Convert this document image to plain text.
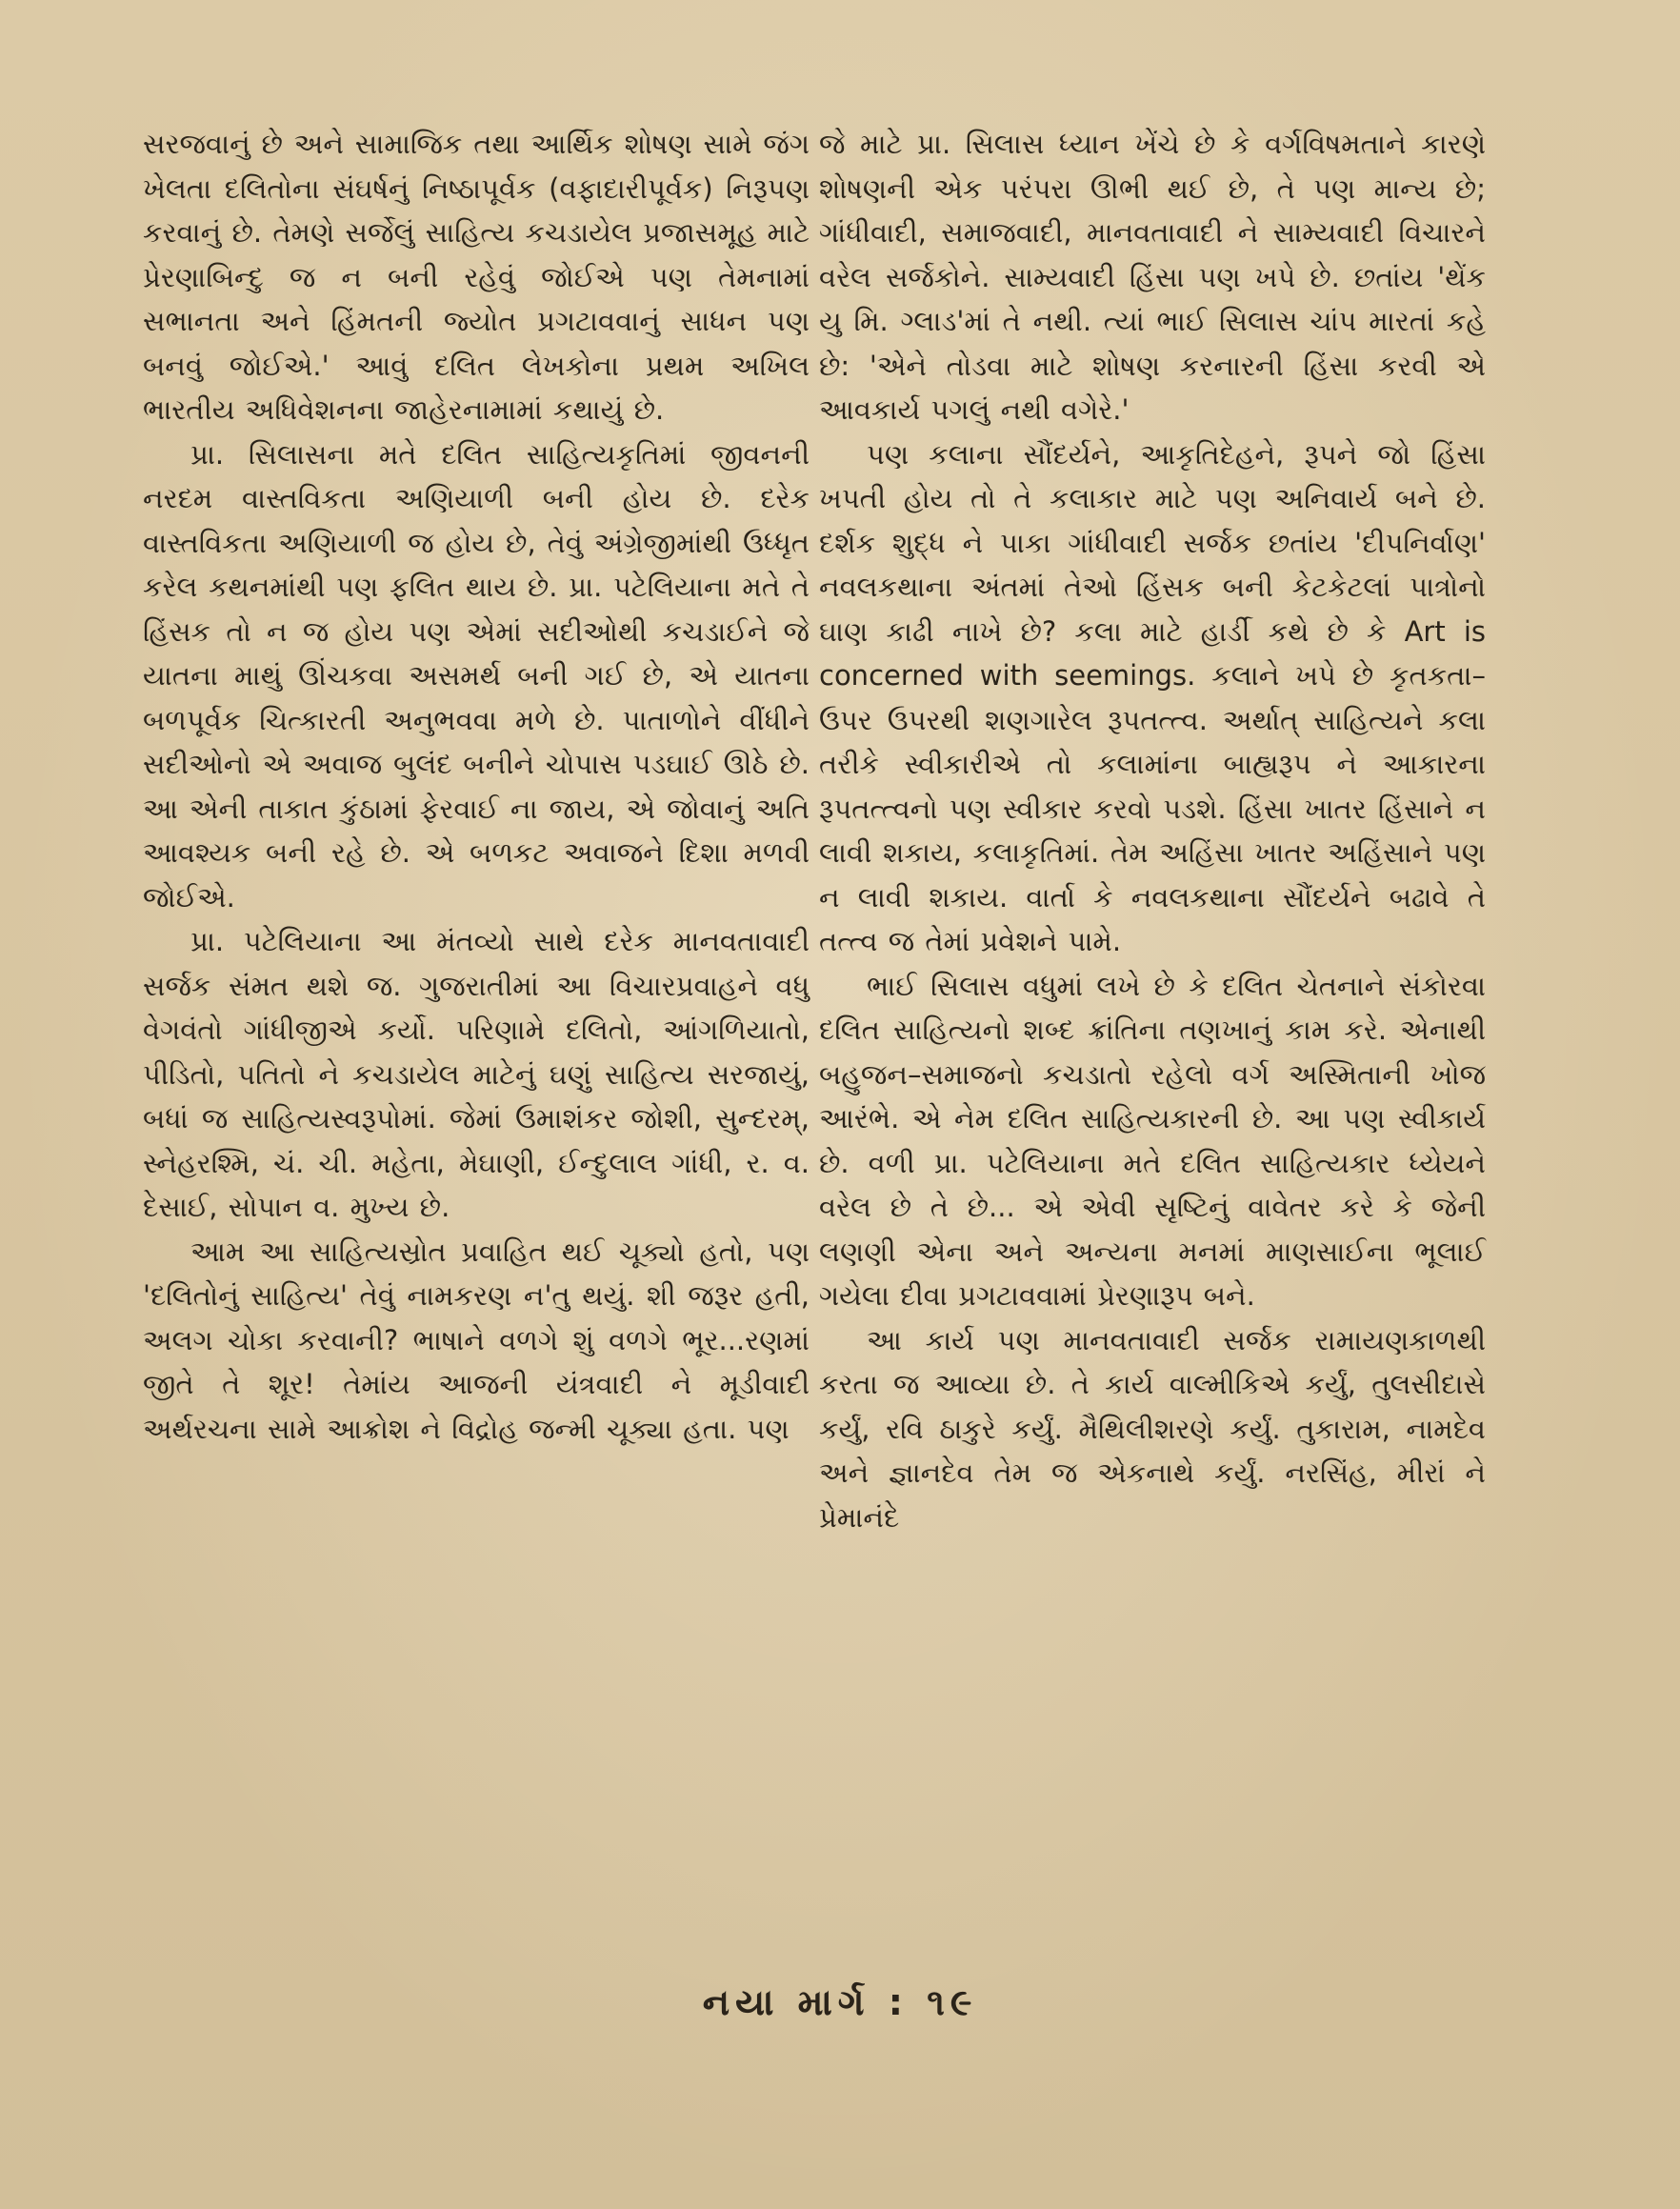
સરજવાનું છે અને સામાજિક તથા આર્થિક શોષણ સામે જંગ ખેલતા દલિતોના સંઘર્ષનું નિષ્ઠાપૂર્વક (વફાદારીપૂર્વક) નિરૂપણ કરવાનું છે. તેમણે સર્જેલું સાહિત્ય કચડાયેલ પ્રજાસમૂહ માટે પ્રેરણાબિન્દુ જ ન બની રહેવું જોઈએ પણ તેમનામાં સભાનતા અને હિંમતની જ્યોત પ્રગટાવવાનું સાધન પણ બનવું જોઈએ.' આવું દલિત લેખકોના પ્રથમ અખિલ ભારતીય અધિવેશનના જાહેરનામામાં કથાયું છે.

પ્રા. સિલાસના મતે દલિત સાહિત્યકૃતિમાં જીવનની નરદમ વાસ્તવિકતા અણિયાળી બની હોય છે. દરેક વાસ્તવિકતા અણિયાળી જ હોય છે, તેવું અંગ્રેજીમાંથી ઉધ્ધૃત કરેલ કથનમાંથી પણ ફલિત થાય છે. પ્રા. પટેલિયાના મતે તે હિંસક તો ન જ હોય પણ એમાં સદીઓથી કચડાઈને જે યાતના માથું ઊંચકવા અસમર્થ બની ગઈ છે, એ યાતના બળપૂર્વક ચિત્કારતી અનુભવવા મળે છે. પાતાળોને વીંધીને સદીઓનો એ અવાજ બુલંદ બનીને ચોપાસ પડઘાઈ ઊઠે છે. આ એની તાકાત કુંઠામાં ફેરવાઈ ના જાય, એ જોવાનું અતિ આવશ્યક બની રહે છે. એ બળકટ અવાજને દિશા મળવી જોઈએ.

પ્રા. પટેલિયાના આ મંતવ્યો સાથે દરેક માનવતાવાદી સર્જક સંમત થશે જ. ગુજરાતીમાં આ વિચારપ્રવાહને વધુ વેગવંતો ગાંધીજીએ કર્યો. પરિણામે દલિતો, આંગળિયાતો, પીડિતો, પતિતો ને કચડાયેલ માટેનું ઘણું સાહિત્ય સરજાયું, બધાં જ સાહિત્યસ્વરૂપોમાં. જેમાં ઉમાશંકર જોશી, સુન્દરમ્, સ્નેહરશ્મિ, ચં. ચી. મહેતા, મેઘાણી, ઈન્દુલાલ ગાંધી, ર. વ. દેસાઈ, સોપાન વ. મુખ્ય છે.

આમ આ સાહિત્યસ્રોત પ્રવાહિત થઈ ચૂક્યો હતો, પણ 'દલિતોનું સાહિત્ય' તેવું નામકરણ ન'તુ થયું. શી જરૂર હતી, અલગ ચોકા કરવાની? ભાષાને વળગે શું વળગે ભૂર...રણમાં જીતે તે શૂર! તેમાંય આજની યંત્રવાદી ને મૂડીવાદી અર્થરચના સામે આક્રોશ ને વિદ્રોહ જન્મી ચૂક્યા હતા. પણ

જે માટે પ્રા. સિલાસ ધ્યાન ખેંચે છે કે વર્ગવિષમતાને કારણે શોષણની એક પરંપરા ઊભી થઈ છે, તે પણ માન્ય છે; ગાંધીવાદી, સમાજવાદી, માનવતાવાદી ને સામ્યવાદી વિચારને વરેલ સર્જકોને. સામ્યવાદી હિંસા પણ ખપે છે. છતાંય 'થેંક યુ મિ. ગ્લાડ'માં તે નથી. ત્યાં ભાઈ સિલાસ ચાંપ મારતાં કહે છે: 'એને તોડવા માટે શોષણ કરનારની હિંસા કરવી એ આવકાર્ય પગલું નથી વગેરે.'

પણ કલાના સૌંદર્યને, આકૃતિદેહને, રૂપને જો હિંસા ખપતી હોય તો તે કલાકાર માટે પણ અનિવાર્ય બને છે. દર્શક શુદ્ધ ને પાકા ગાંધીવાદી સર્જક છતાંય 'દીપનિર્વાણ' નવલકથાના અંતમાં તેઓ હિંસક બની કેટકેટલાં પાત્રોનો ઘાણ કાઢી નાખે છે? કલા માટે હાર્ડી કથે છે કે Art is concerned with seemings. કલાને ખપે છે કૃતકતા–ઉપર ઉપરથી શણગારેલ રૂપતત્ત્વ. અર્થાત્ સાહિત્યને કલા તરીકે સ્વીકારીએ તો કલામાંના બાહ્યરૂપ ને આકારના રૂપતત્ત્વનો પણ સ્વીકાર કરવો પડશે. હિંસા ખાતર હિંસાને ન લાવી શકાય, કલાકૃતિમાં. તેમ અહિંસા ખાતર અહિંસાને પણ ન લાવી શકાય. વાર્તા કે નવલકથાના સૌંદર્યને બઢાવે તે તત્ત્વ જ તેમાં પ્રવેશને પામે.

ભાઈ સિલાસ વધુમાં લખે છે કે દલિત ચેતનાને સંકોરવા દલિત સાહિત્યનો શબ્દ ક્રાંતિના તણખાનું કામ કરે. એનાથી બહુજન–સમાજનો કચડાતો રહેલો વર્ગ અસ્મિતાની ખોજ આરંભે. એ નેમ દલિત સાહિત્યકારની છે. આ પણ સ્વીકાર્ય છે. વળી પ્રા. પટેલિયાના મતે દલિત સાહિત્યકાર ધ્યેયને વરેલ છે તે છે... એ એવી સૃષ્ટિનું વાવેતર કરે કે જેની લણણી એના અને અન્યના મનમાં માણસાઈના ભૂલાઈ ગયેલા દીવા પ્રગટાવવામાં પ્રેરણારૂપ બને.

આ કાર્ય પણ માનવતાવાદી સર્જક રામાયણકાળથી કરતા જ આવ્યા છે. તે કાર્ય વાલ્મીકિએ કર્યું, તુલસીદાસે કર્યું, રવિ ઠાકુરે કર્યું. મૈથિલીશરણે કર્યું. તુકારામ, નામદેવ અને જ્ઞાનદેવ તેમ જ એકનાથે કર્યું. નરસિંહ, મીરાં ને પ્રેમાનંદે

નયા માર્ગ : ૧૯
